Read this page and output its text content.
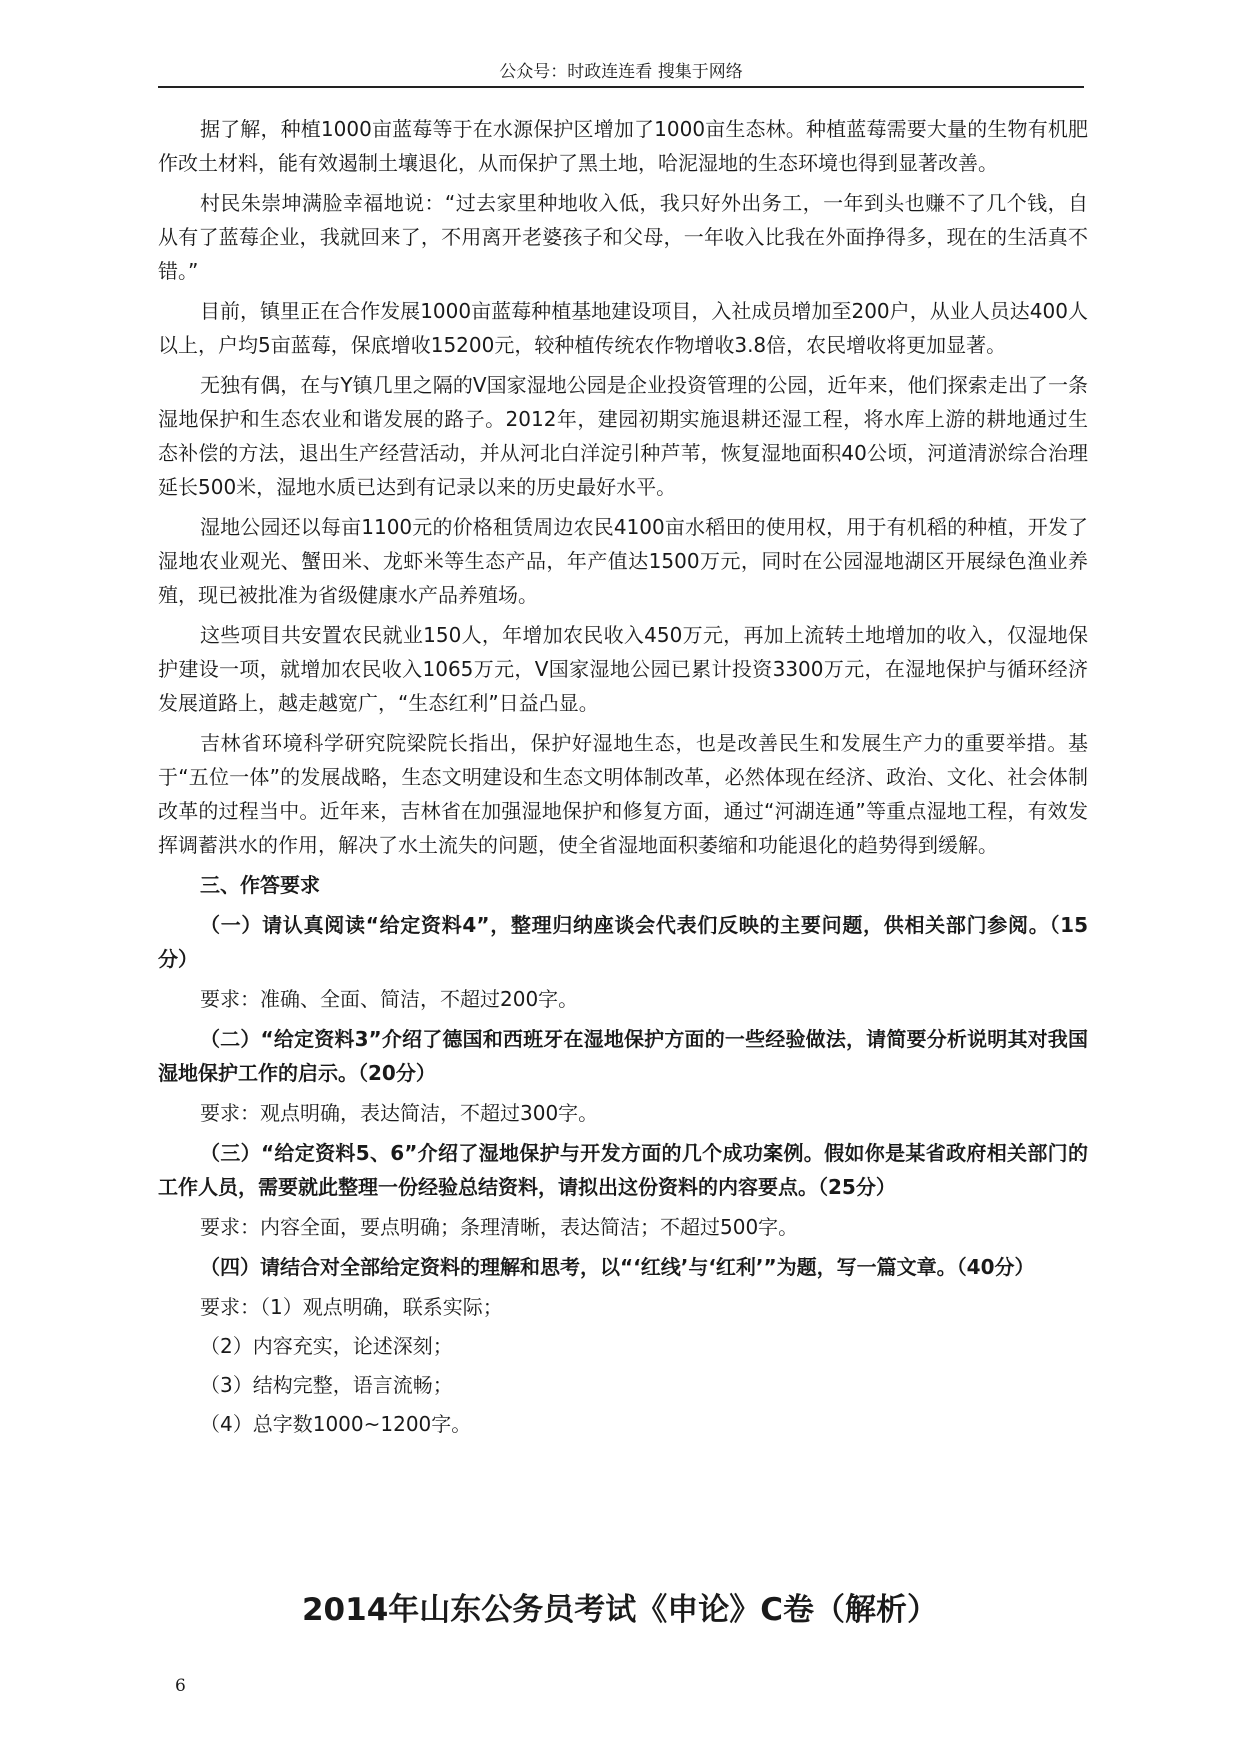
公众号：时政连连看 搜集于网络

据了解，种植1000亩蓝莓等于在水源保护区增加了1000亩生态林。种植蓝莓需要大量的生物有机肥作改土材料，能有效遏制土壤退化，从而保护了黑土地，哈泥湿地的生态环境也得到显著改善。

村民朱崇坤满脸幸福地说：“过去家里种地收入低，我只好外出务工，一年到头也赚不了几个钱，自从有了蓝莓企业，我就回来了，不用离开老婆孩子和父母，一年收入比我在外面挣得多，现在的生活真不错。”

目前，镇里正在合作发展1000亩蓝莓种植基地建设项目，入社成员增加至200户，从业人员达400人以上，户均5亩蓝莓，保底增收15200元，较种植传统农作物增收3.8倍，农民增收将更加显著。

无独有偶，在与Y镇几里之隔的V国家湿地公园是企业投资管理的公园，近年来，他们探索走出了一条湿地保护和生态农业和谐发展的路子。2012年，建园初期实施退耕还湿工程，将水库上游的耕地通过生态补偿的方法，退出生产经营活动，并从河北白洋淀引种芦苇，恢复湿地面积40公顷，河道清淤综合治理延长500米，湿地水质已达到有记录以来的历史最好水平。

湿地公园还以每亩1100元的价格租赁周边农民4100亩水稻田的使用权，用于有机稻的种植，开发了湿地农业观光、蟹田米、龙虾米等生态产品，年产值达1500万元，同时在公园湿地湖区开展绿色渔业养殖，现已被批准为省级健康水产品养殖场。

这些项目共安置农民就业150人，年增加农民收入450万元，再加上流转土地增加的收入，仅湿地保护建设一项，就增加农民收入1065万元，V国家湿地公园已累计投资3300万元，在湿地保护与循环经济发展道路上，越走越宽广，“生态红利”日益凸显。

吉林省环境科学研究院梁院长指出，保护好湿地生态，也是改善民生和发展生产力的重要举措。基于“五位一体”的发展战略，生态文明建设和生态文明体制改革，必然体现在经济、政治、文化、社会体制改革的过程当中。近年来，吉林省在加强湿地保护和修复方面，通过“河湖连通”等重点湿地工程，有效发挥调蓄洪水的作用，解决了水土流失的问题，使全省湿地面积萎缩和功能退化的趋势得到缓解。

三、作答要求

（一）请认真阅读“给定资料4”，整理归纳座谈会代表们反映的主要问题，供相关部门参阅。（15分）

要求：准确、全面、简洁，不超过200字。

（二）“给定资料3”介绍了德国和西班牙在湿地保护方面的一些经验做法，请简要分析说明其对我国湿地保护工作的启示。（20分）

要求：观点明确，表达简洁，不超过300字。

（三）“给定资料5、6”介绍了湿地保护与开发方面的几个成功案例。假如你是某省政府相关部门的工作人员，需要就此整理一份经验总结资料，请拟出这份资料的内容要点。（25分）

要求：内容全面，要点明确；条理清晰，表达简洁；不超过500字。

（四）请结合对全部给定资料的理解和思考，以“‘红线’与‘红利’”为题，写一篇文章。（40分）

要求：（1）观点明确，联系实际；

（2）内容充实，论述深刻；

（3）结构完整，语言流畅；

（4）总字数1000~1200字。

2014年山东公务员考试《申论》C卷（解析）
6
